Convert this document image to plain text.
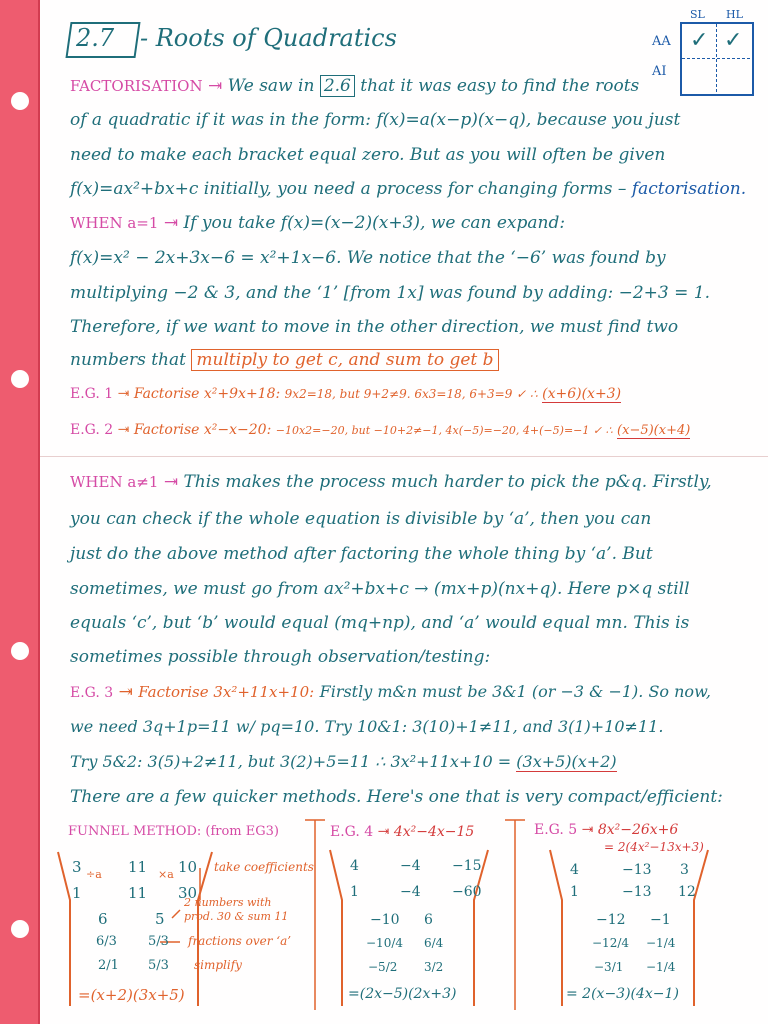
2.7 - Roots of Quadratics
SL HL
AA
AI
✓ ✓
FACTORISATION ⇥ We saw in 2.6 that it was easy to find the roots
of a quadratic if it was in the form: f(x)=a(x−p)(x−q), because you just
need to make each bracket equal zero. But as you will often be given
f(x)=ax²+bx+c initially, you need a process for changing forms – factorisation.
WHEN a=1 ⇥ If you take f(x)=(x−2)(x+3), we can expand:
f(x)=x² − 2x+3x−6 = x²+1x−6. We notice that the ‘−6’ was found by
multiplying −2 & 3, and the ‘1’ [from 1x] was found by adding: −2+3 = 1.
Therefore, if we want to move in the other direction, we must find two
numbers that multiply to get c, and sum to get b
E.G. 1 ⇥ Factorise x²+9x+18: 9x2=18, but 9+2≠9. 6x3=18, 6+3=9 ✓ ∴ (x+6)(x+3)
E.G. 2 ⇥ Factorise x²−x−20: −10x2=−20, but −10+2≠−1, 4x(−5)=−20, 4+(−5)=−1 ✓ ∴ (x−5)(x+4)
WHEN a≠1 ⇥ This makes the process much harder to pick the p&q. Firstly,
you can check if the whole equation is divisible by ‘a’, then you can
just do the above method after factoring the whole thing by ‘a’. But
sometimes, we must go from ax²+bx+c → (mx+p)(nx+q). Here p×q still
equals ‘c’, but ‘b’ would equal (mq+np), and ‘a’ would equal mn. This is
sometimes possible through observation/testing:
E.G. 3 ⇥ Factorise 3x²+11x+10: Firstly m&n must be 3&1 (or −3 & −1). So now,
we need 3q+1p=11 w/ pq=10. Try 10&1: 3(10)+1≠11, and 3(1)+10≠11.
Try 5&2: 3(5)+2≠11, but 3(2)+5=11 ∴ 3x²+11x+10 = (3x+5)(x+2)
There are a few quicker methods. Here's one that is very compact/efficient:
FUNNEL METHOD: (from EG3)
3	11 10
1	11 30
÷a	×a
6	5
6/3 5/3
2/1 5/3
take coefficients
2 numbers with
prod. 30 & sum 11
fractions over ‘a’
simplify
=(x+2)(3x+5)
E.G. 4 ⇥ 4x²−4x−15
4	−4 −15
1	−4 −60
−10 6
−10/4 6/4
−5/2 3/2
=(2x−5)(2x+3)
E.G. 5 ⇥ 8x²−26x+6
= 2(4x²−13x+3)
4	−13 3
1	−13 12
−12 −1
−12/4 −1/4
−3/1 −1/4
= 2(x−3)(4x−1)
